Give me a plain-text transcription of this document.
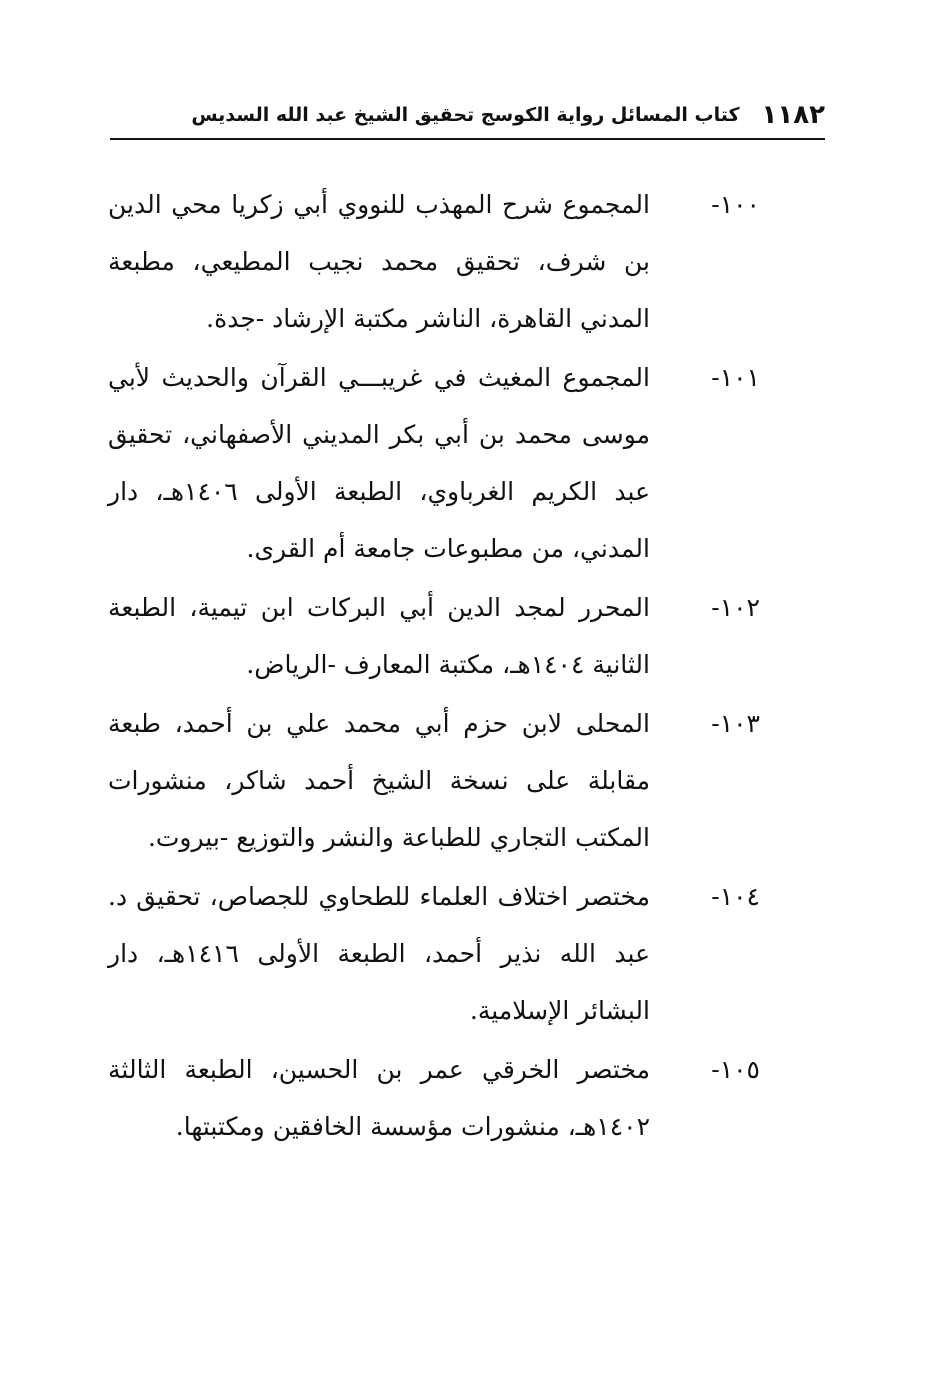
١١٨٢
كتاب المسائل رواية الكوسج تحقيق الشيخ عبد الله السديس
١٠٠-
المجموع شرح المهذب للنووي أبي زكريا محي الدين بن شرف، تحقيق محمد نجيب المطيعي، مطبعة المدني القاهرة، الناشر مكتبة الإرشاد -جدة.
١٠١-
المجموع المغيث في غريبـــي القرآن والحديث لأبي موسى محمد بن أبي بكر المديني الأصفهاني، تحقيق عبد الكريم الغرباوي، الطبعة الأولى ١٤٠٦هـ، دار المدني، من مطبوعات جامعة أم القرى.
١٠٢-
المحرر لمجد الدين أبي البركات ابن تيمية، الطبعة الثانية ١٤٠٤هـ، مكتبة المعارف -الرياض.
١٠٣-
المحلى لابن حزم أبي محمد علي بن أحمد، طبعة مقابلة على نسخة الشيخ أحمد شاكر، منشورات المكتب التجاري للطباعة والنشر والتوزيع -بيروت.
١٠٤-
مختصر اختلاف العلماء للطحاوي للجصاص، تحقيق د. عبد الله نذير أحمد، الطبعة الأولى ١٤١٦هـ، دار البشائر الإسلامية.
١٠٥-
مختصر الخرقي عمر بن الحسين، الطبعة الثالثة ١٤٠٢هـ، منشورات مؤسسة الخافقين ومكتبتها.
